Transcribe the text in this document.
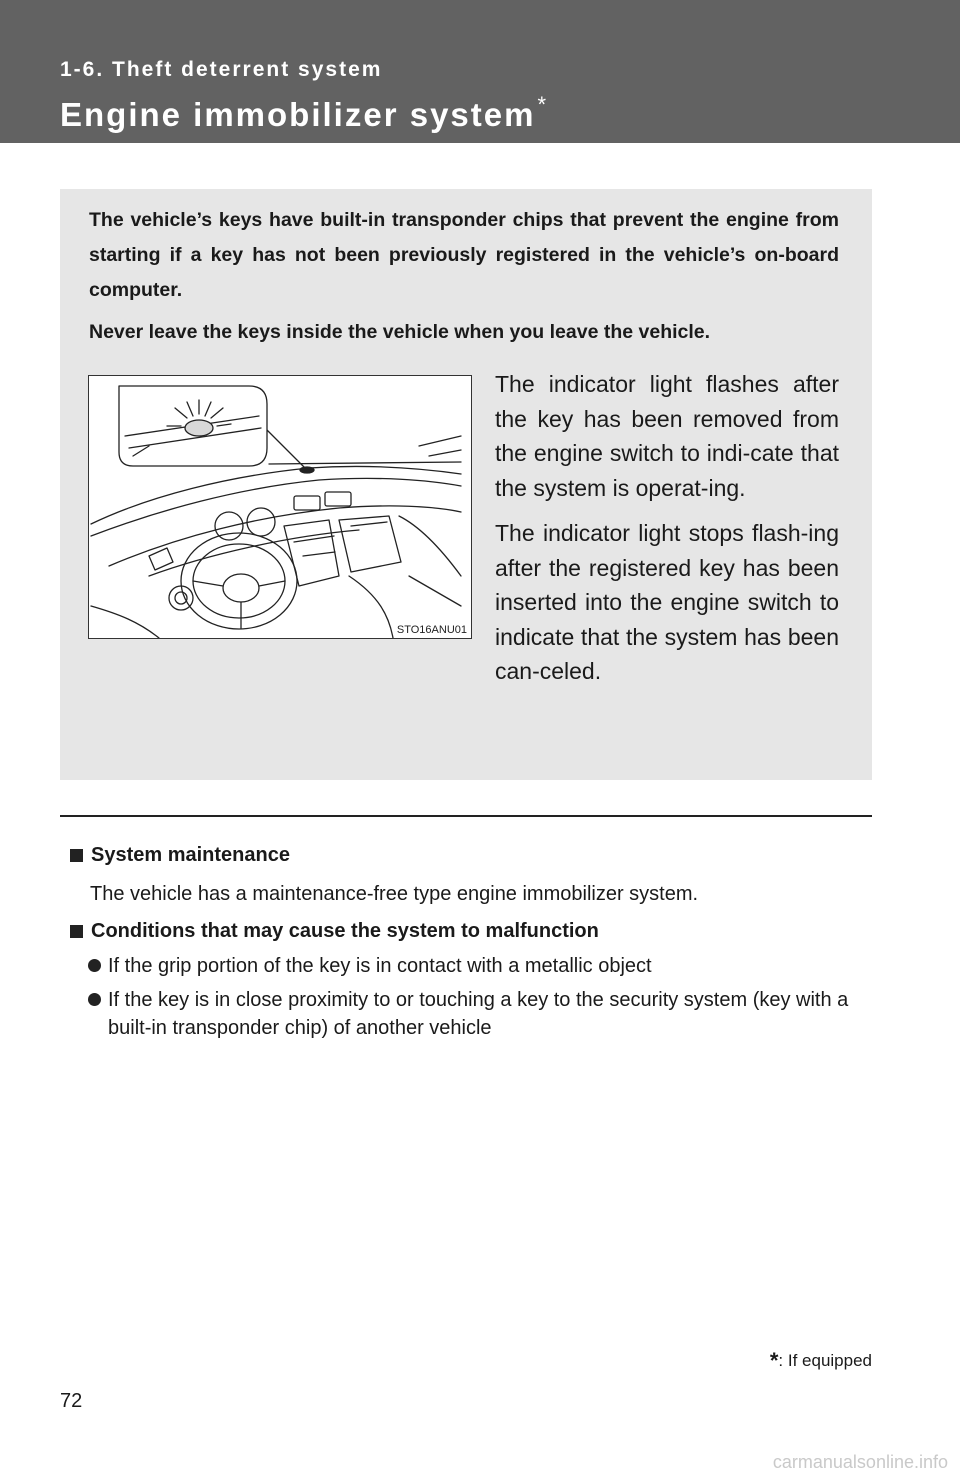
1-6. Theft deterrent system
Engine immobilizer system*

The vehicle’s keys have built-in transponder chips that prevent the engine from starting if a key has not been previously registered in the vehicle’s on-board computer.

Never leave the keys inside the vehicle when you leave the vehicle.

STO16ANU01

The indicator light flashes after the key has been removed from the engine switch to indi-cate that the system is operat-ing.

The indicator light stops flash-ing after the registered key has been inserted into the engine switch to indicate that the system has been can-celed.

System maintenance
The vehicle has a maintenance-free type engine immobilizer system.
Conditions that may cause the system to malfunction
If the grip portion of the key is in contact with a metallic object
If the key is in close proximity to or touching a key to the security system (key with a built-in transponder chip) of another vehicle
*: If equipped
72
carmanualsonline.info
